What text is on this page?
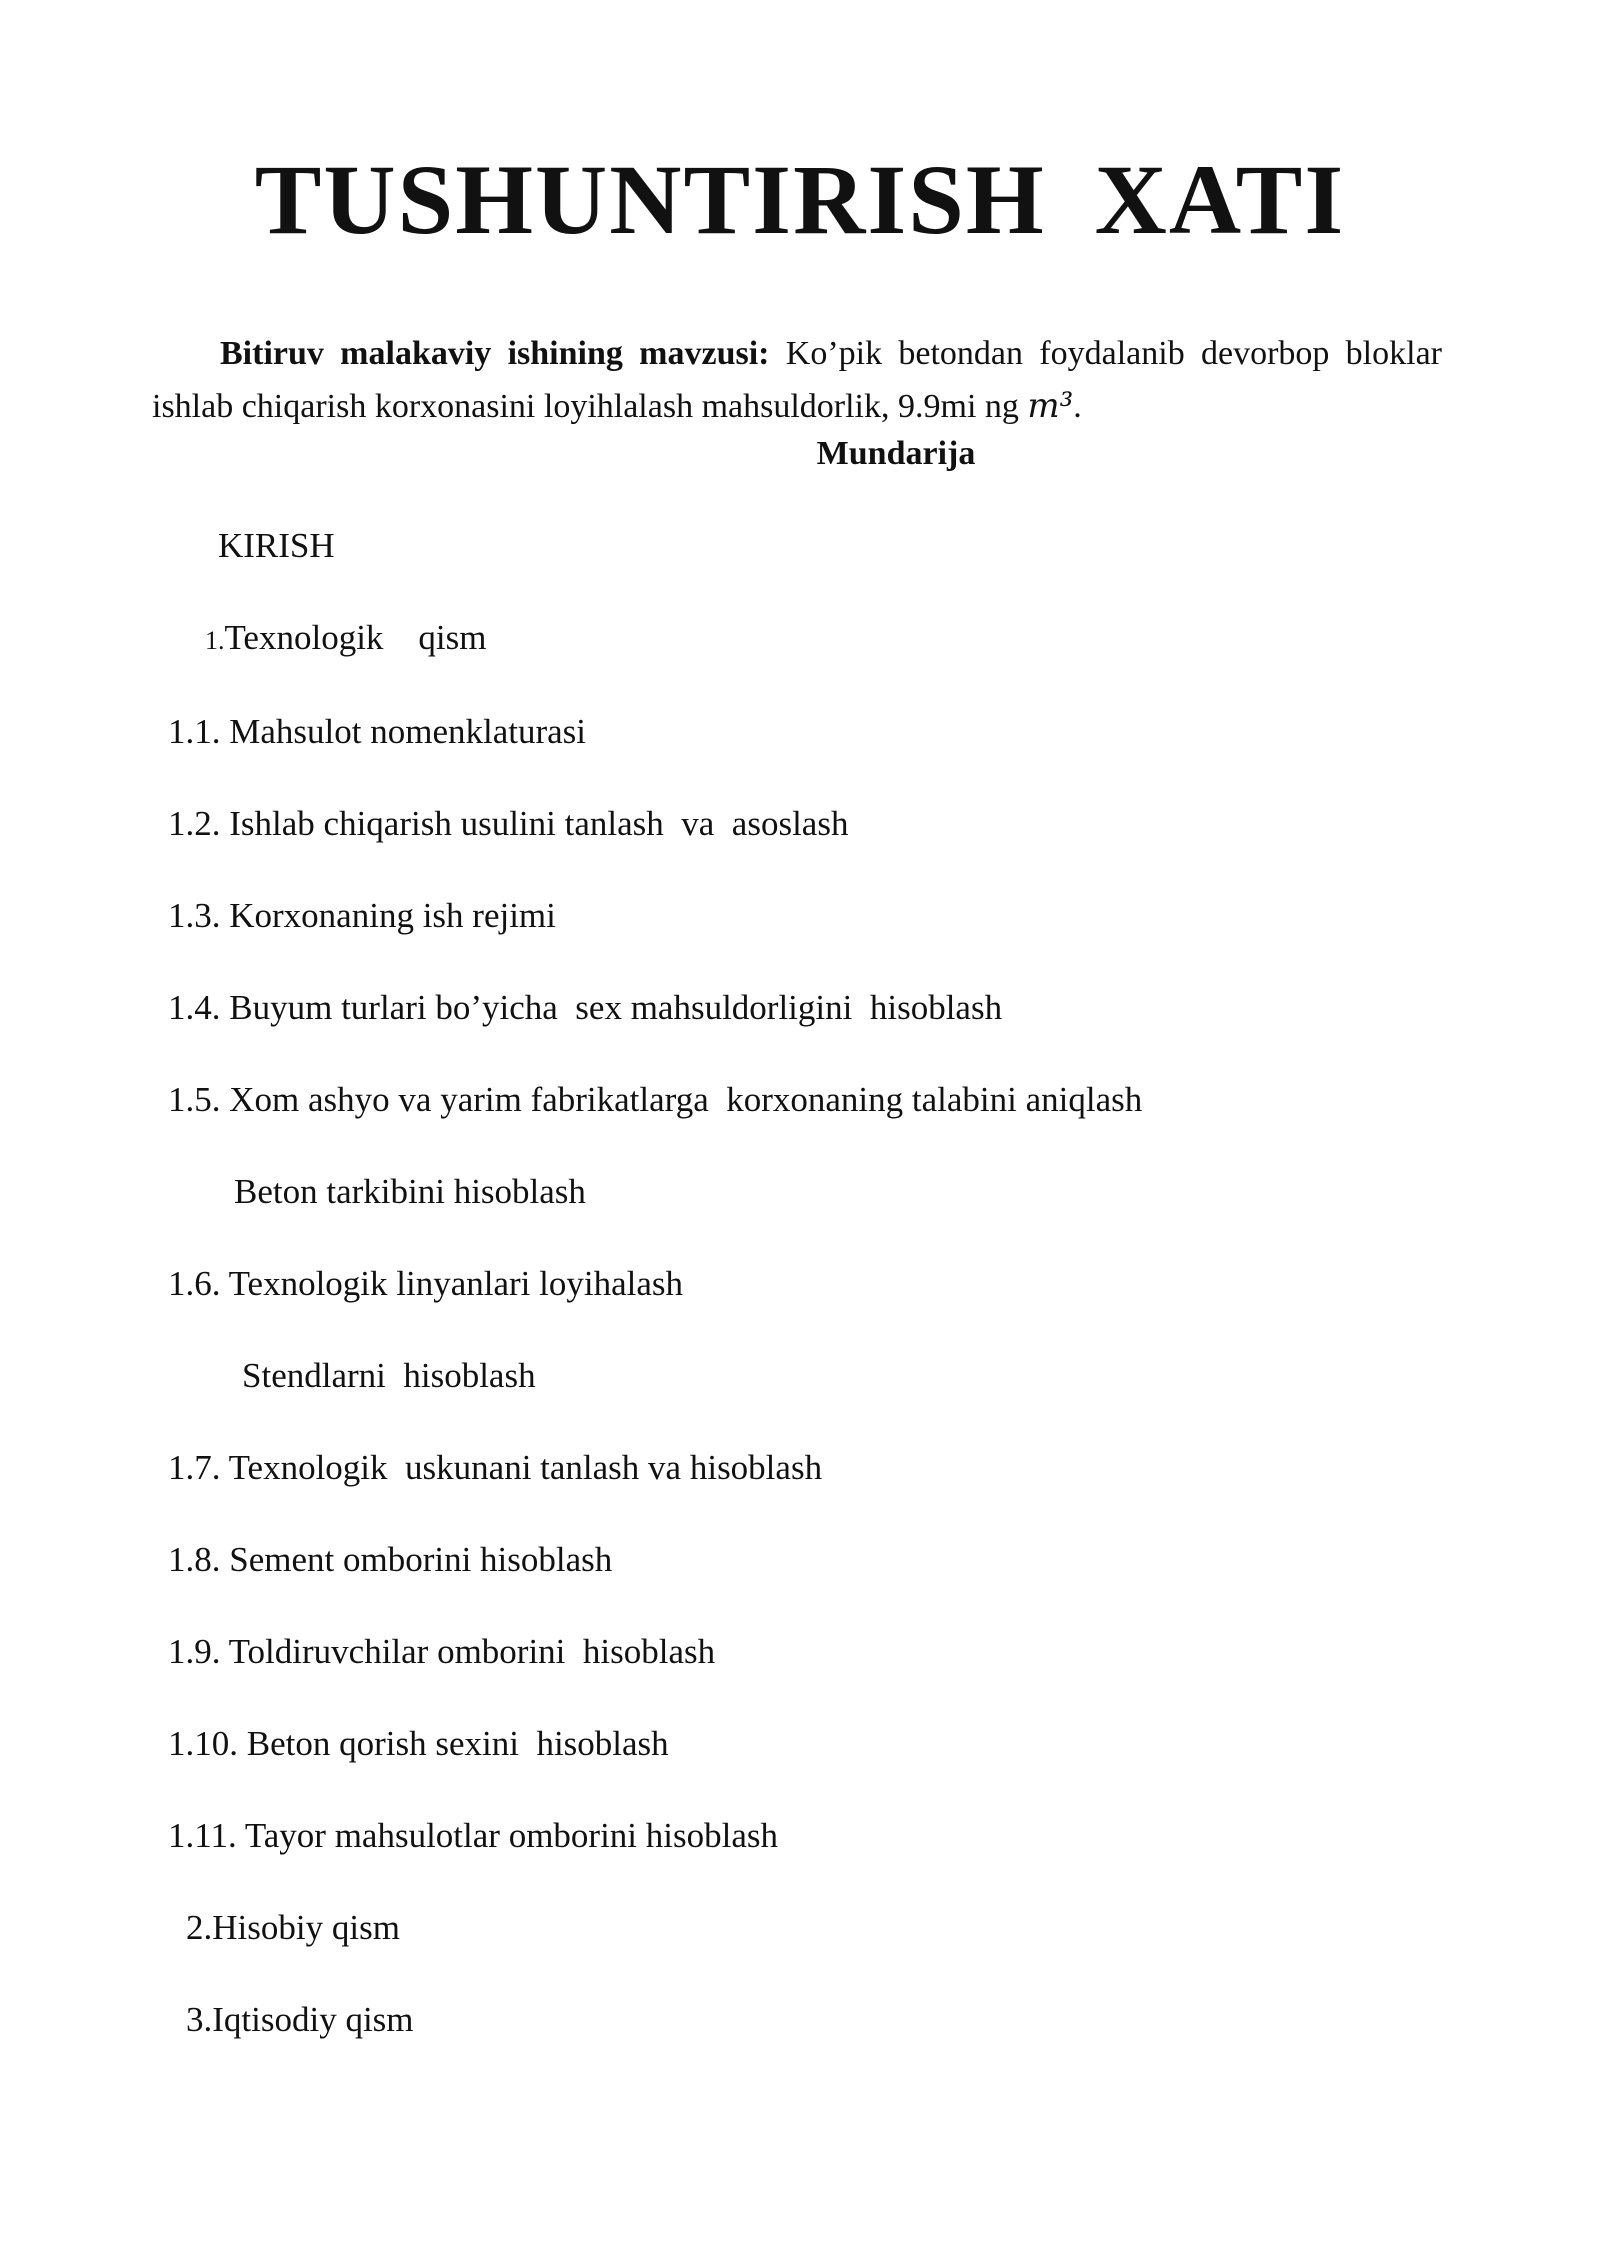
TUSHUNTIRISH XATI
Bitiruv malakaviy ishining mavzusi: Ko’pik betondan foydalanib devorbop bloklar ishlab chiqarish korxonasini loyihlalash mahsuldorlik, 9.9mi ng m³.
Mundarija
KIRISH
1.Texnologik    qism
1.1. Mahsulot nomenklaturasi
1.2. Ishlab chiqarish usulini tanlash  va  asoslash
1.3. Korxonaning ish rejimi
1.4. Buyum turlari bo’yicha  sex mahsuldorligini  hisoblash
1.5. Xom ashyo va yarim fabrikatlarga  korxonaning talabini aniqlash
Beton tarkibini hisoblash
1.6. Texnologik linyanlari loyihalash
Stendlarni  hisoblash
1.7. Texnologik  uskunani tanlash va hisoblash
1.8. Sement omborini hisoblash
1.9. Toldiruvchilar omborini  hisoblash
1.10. Beton qorish sexini  hisoblash
1.11. Tayor mahsulotlar omborini hisoblash
2.Hisobiy qism
3.Iqtisodiy qism
